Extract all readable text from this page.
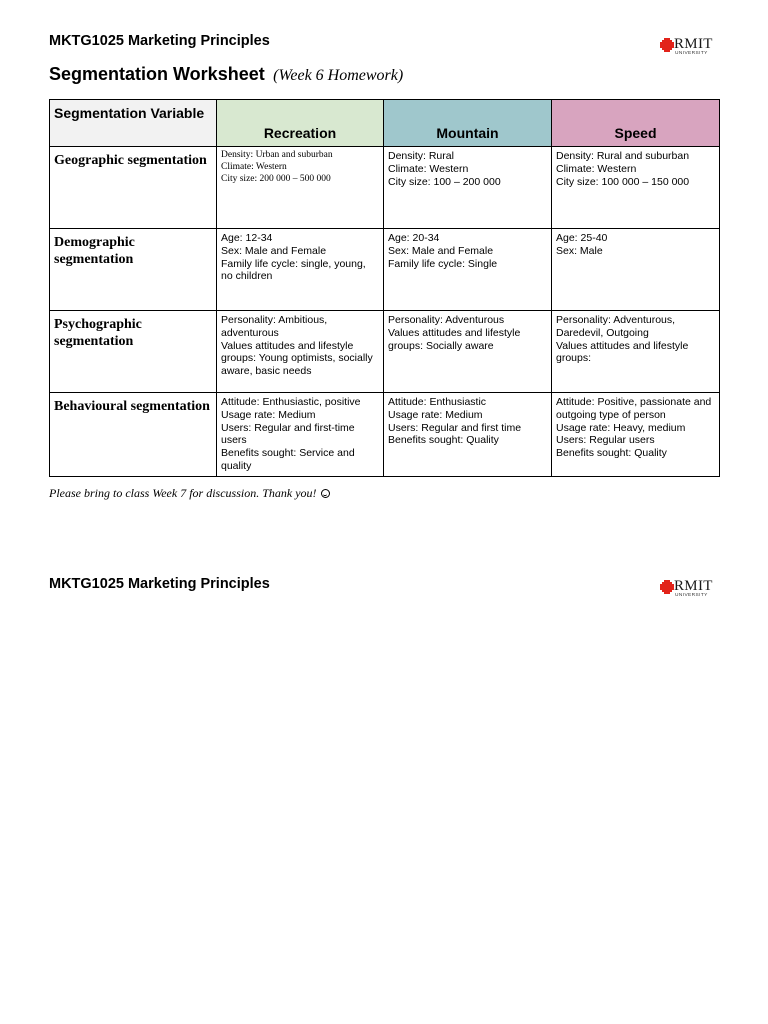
MKTG1025 Marketing Principles	RMIT
UNIVERSITY
Segmentation Worksheet (Week 6 Homework)
Segmentation Variable	Recreation	Mountain	Speed
Geographic segmentation	Density: Urban and suburban
Climate: Western
City size: 200 000 – 500 000	Density: Rural
Climate: Western
City size: 100 – 200 000	Density: Rural and suburban
Climate: Western
City size: 100 000 – 150 000

Demographic segmentation	Age: 12-34
Sex: Male and Female
Family life cycle: single, young, no children	Age: 20-34
Sex: Male and Female
Family life cycle: Single	Age: 25-40
Sex: Male

Psychographic segmentation	Personality: Ambitious, adventurous
Values attitudes and lifestyle groups: Young optimists, socially aware, basic needs	Personality: Adventurous
Values attitudes and lifestyle groups: Socially aware	Personality: Adventurous, Daredevil, Outgoing
Values attitudes and lifestyle groups:

Behavioural segmentation	Attitude: Enthusiastic, positive
Usage rate: Medium
Users: Regular and first-time users
Benefits sought: Service and quality	Attitude: Enthusiastic
Usage rate: Medium
Users: Regular and first time
Benefits sought: Quality	Attitude: Positive, passionate and outgoing type of person
Usage rate: Heavy, medium
Users: Regular users
Benefits sought: Quality
Please bring to class Week 7 for discussion. Thank you!
MKTG1025 Marketing Principles	RMIT
UNIVERSITY
